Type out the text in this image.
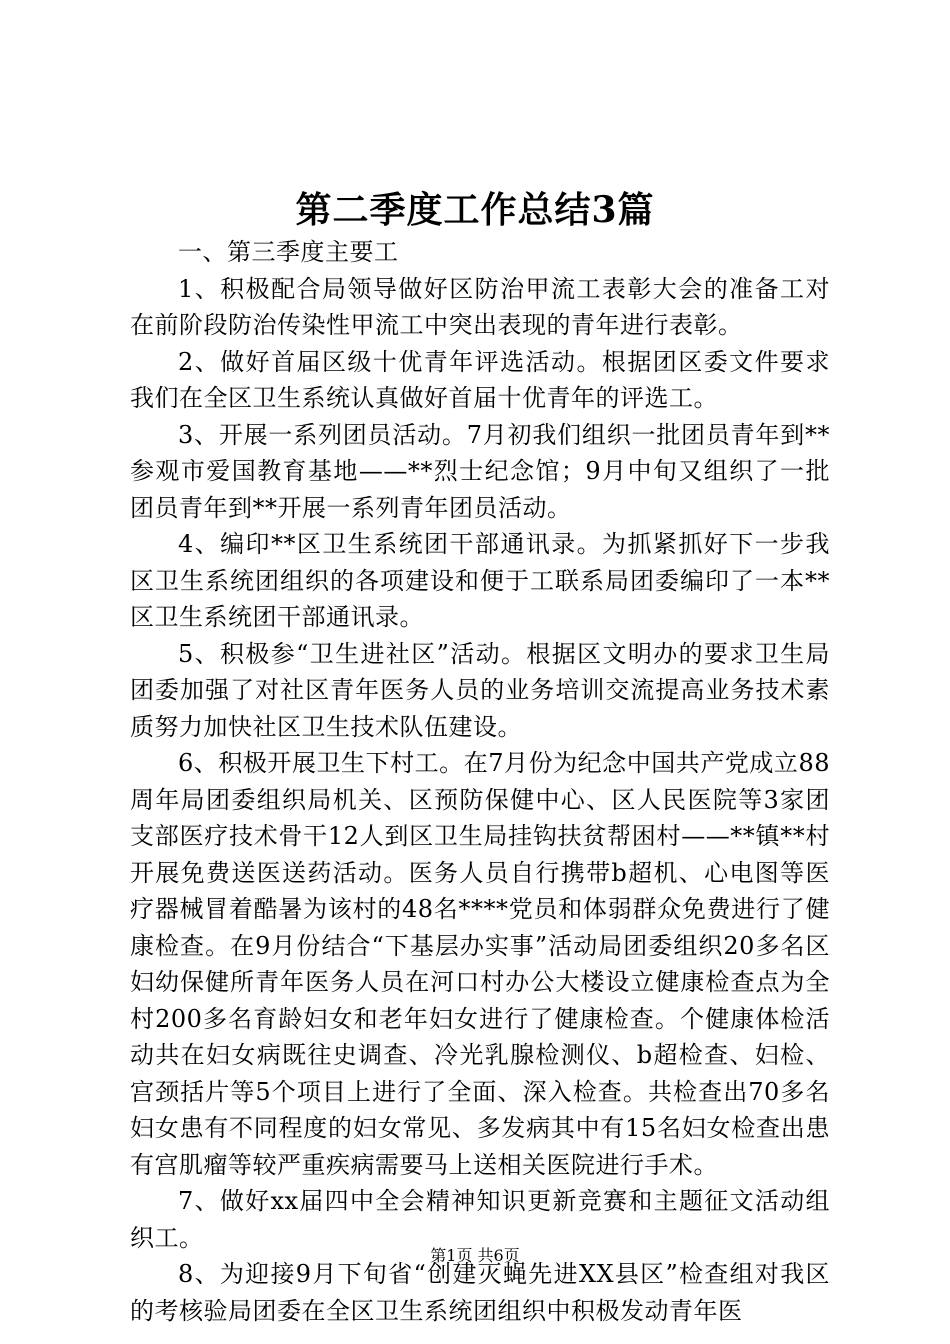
第二季度工作总结3篇

一、第三季度主要工

1、积极配合局领导做好区防治甲流工表彰大会的准备工对在前阶段防治传染性甲流工中突出表现的青年进行表彰。

2、做好首届区级十优青年评选活动。根据团区委文件要求我们在全区卫生系统认真做好首届十优青年的评选工。

3、开展一系列团员活动。7月初我们组织一批团员青年到**参观市爱国教育基地——**烈士纪念馆；9月中旬又组织了一批团员青年到**开展一系列青年团员活动。

4、编印**区卫生系统团干部通讯录。为抓紧抓好下一步我区卫生系统团组织的各项建设和便于工联系局团委编印了一本**区卫生系统团干部通讯录。

5、积极参“卫生进社区”活动。根据区文明办的要求卫生局团委加强了对社区青年医务人员的业务培训交流提高业务技术素质努力加快社区卫生技术队伍建设。

6、积极开展卫生下村工。在7月份为纪念中国共产党成立88周年局团委组织局机关、区预防保健中心、区人民医院等3家团支部医疗技术骨干12人到区卫生局挂钩扶贫帮困村——**镇**村开展免费送医送药活动。医务人员自行携带b超机、心电图等医疗器械冒着酷暑为该村的48名****党员和体弱群众免费进行了健康检查。在9月份结合“下基层办实事”活动局团委组织20多名区妇幼保健所青年医务人员在河口村办公大楼设立健康检查点为全村200多名育龄妇女和老年妇女进行了健康检查。个健康体检活动共在妇女病既往史调查、冷光乳腺检测仪、b超检查、妇检、宫颈括片等5个项目上进行了全面、深入检查。共检查出70多名妇女患有不同程度的妇女常见、多发病其中有15名妇女检查出患有宫肌瘤等较严重疾病需要马上送相关医院进行手术。

7、做好xx届四中全会精神知识更新竞赛和主题征文活动组织工。

8、为迎接9月下旬省“创建灭蝇先进XX县区”检查组对我区的考核验局团委在全区卫生系统团组织中积极发动青年医

第1页 共6页
